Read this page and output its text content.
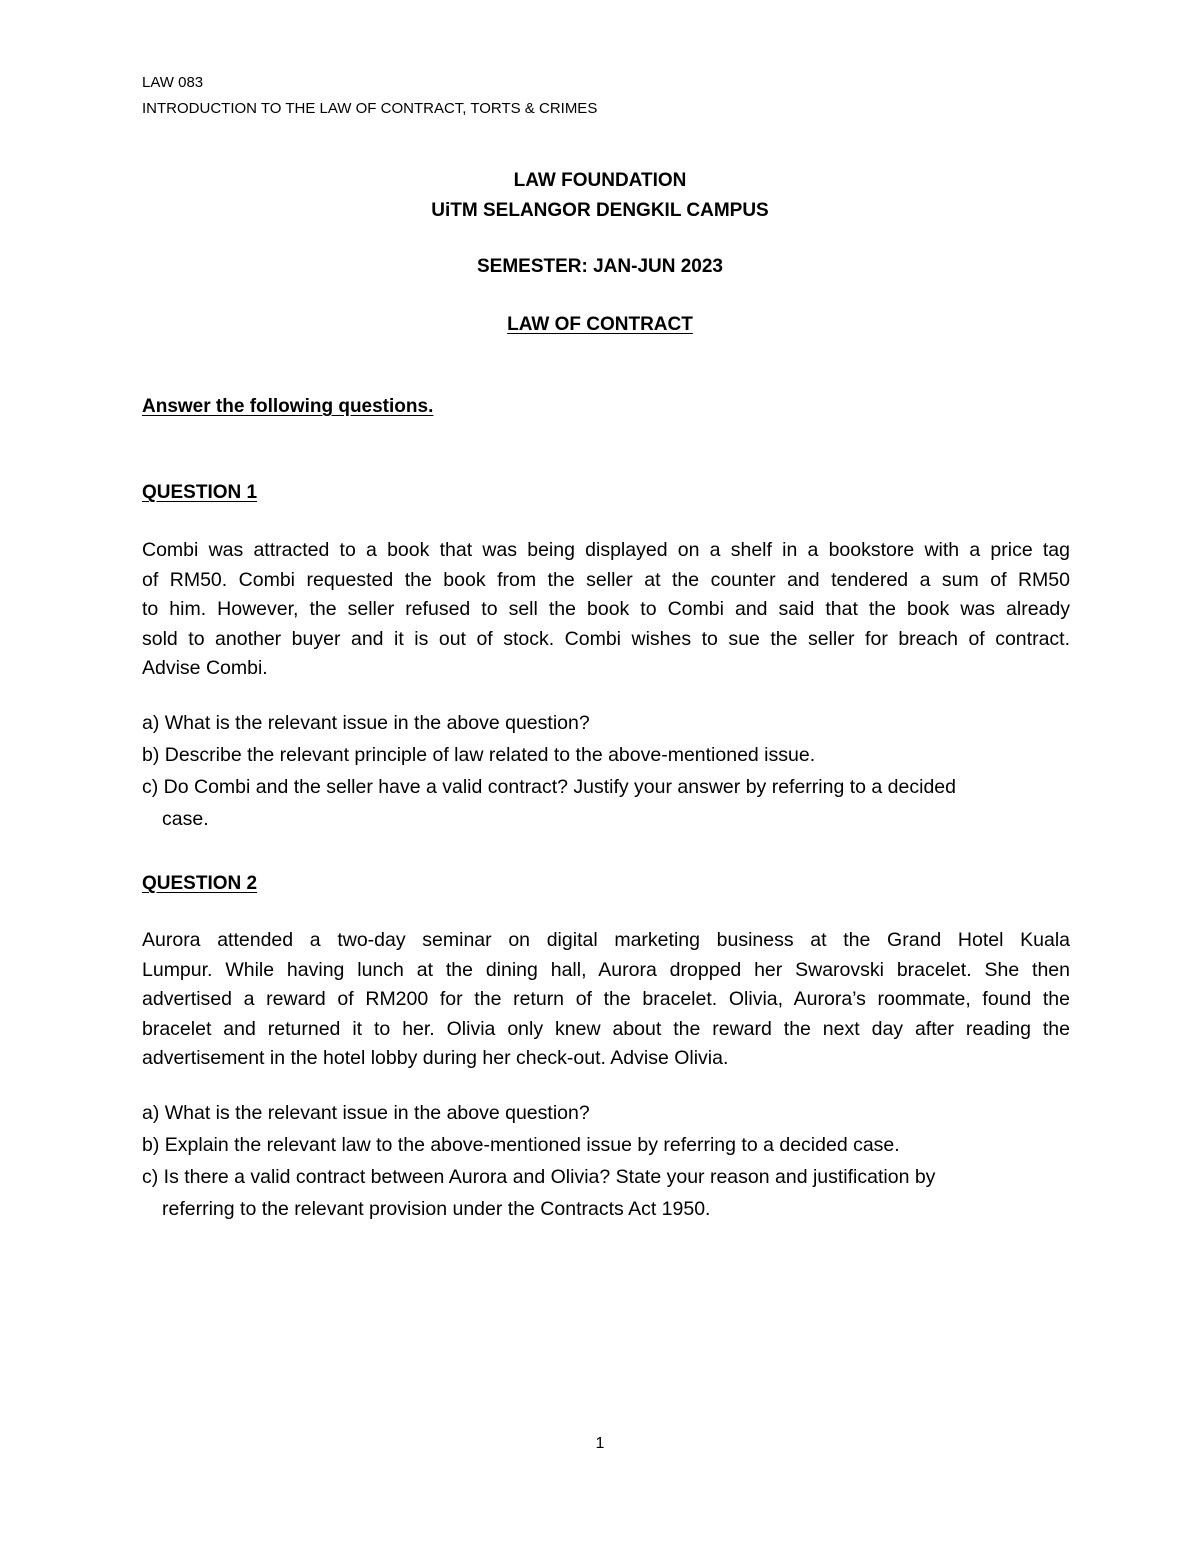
LAW 083
INTRODUCTION TO THE LAW OF CONTRACT, TORTS & CRIMES
LAW FOUNDATION
UiTM SELANGOR DENGKIL CAMPUS
SEMESTER: JAN-JUN 2023
LAW OF CONTRACT
Answer the following questions.
QUESTION 1
Combi was attracted to a book that was being displayed on a shelf in a bookstore with a price tag
of RM50. Combi requested the book from the seller at the counter and tendered a sum of RM50
to him. However, the seller refused to sell the book to Combi and said that the book was already
sold to another buyer and it is out of stock. Combi wishes to sue the seller for breach of contract.
Advise Combi.
a) What is the relevant issue in the above question?
b) Describe the relevant principle of law related to the above-mentioned issue.
c) Do Combi and the seller have a valid contract? Justify your answer by referring to a decided
case.
QUESTION 2
Aurora attended a two-day seminar on digital marketing business at the Grand Hotel Kuala
Lumpur. While having lunch at the dining hall, Aurora dropped her Swarovski bracelet. She then
advertised a reward of RM200 for the return of the bracelet. Olivia, Aurora’s roommate, found the
bracelet and returned it to her. Olivia only knew about the reward the next day after reading the
advertisement in the hotel lobby during her check-out. Advise Olivia.
a) What is the relevant issue in the above question?
b) Explain the relevant law to the above-mentioned issue by referring to a decided case.
c) Is there a valid contract between Aurora and Olivia? State your reason and justification by
referring to the relevant provision under the Contracts Act 1950.
1
